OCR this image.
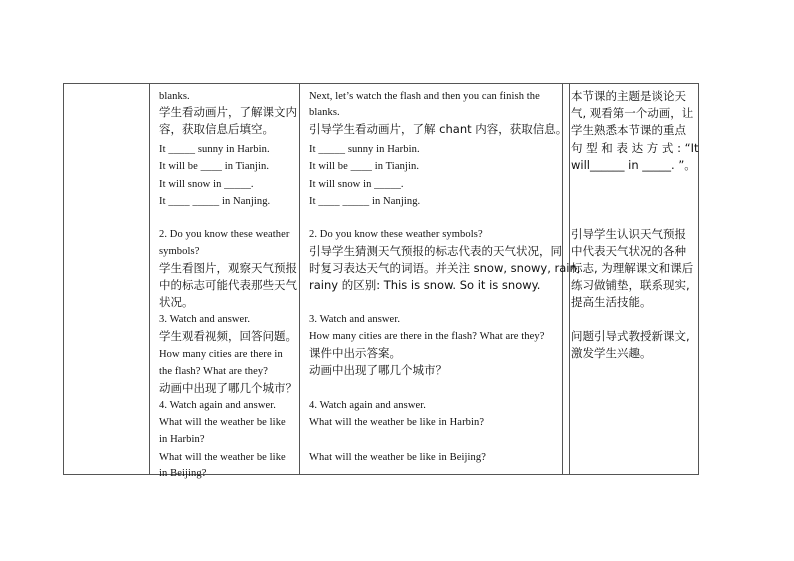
blanks.
学生看动画片，了解课文内
容，获取信息后填空。
It _____ sunny in Harbin.
It will be ____ in Tianjin.
It will snow in _____.
It ____ _____ in Nanjing.
2. Do you know these weather
symbols?
学生看图片，观察天气预报
中的标志可能代表那些天气
状况。
3. Watch and answer.
学生观看视频，回答问题。
How many cities are there in
the flash? What are they?
动画中出现了哪几个城市？
4. Watch again and answer.
What will the weather be like
in Harbin?
What will the weather be like
in Beijing?
Next, let’s watch the flash and then you can finish the
blanks.
引导学生看动画片，了解 chant 内容，获取信息。
It _____ sunny in Harbin.
It will be ____ in Tianjin.
It will snow in _____.
It ____ _____ in Nanjing.
2. Do you know these weather symbols?
引导学生猜测天气预报的标志代表的天气状况，同
时复习表达天气的词语。并关注 snow, snowy, rain,
rainy 的区别: This is snow. So it is snowy.
3. Watch and answer.
How many cities are there in the flash? What are they?
课件中出示答案。
动画中出现了哪几个城市？
4. Watch again and answer.
What will the weather be like in Harbin?
What will the weather be like in Beijing?
本节课的主题是谈论天
气, 观看第一个动画，让
学生熟悉本节课的重点
句 型 和 表 达 方 式 : “It
will______ in _____. ”。
引导学生认识天气预报
中代表天气状况的各种
标志, 为理解课文和课后
练习做铺垫，联系现实,
提高生活技能。
问题引导式教授新课文,
激发学生兴趣。
